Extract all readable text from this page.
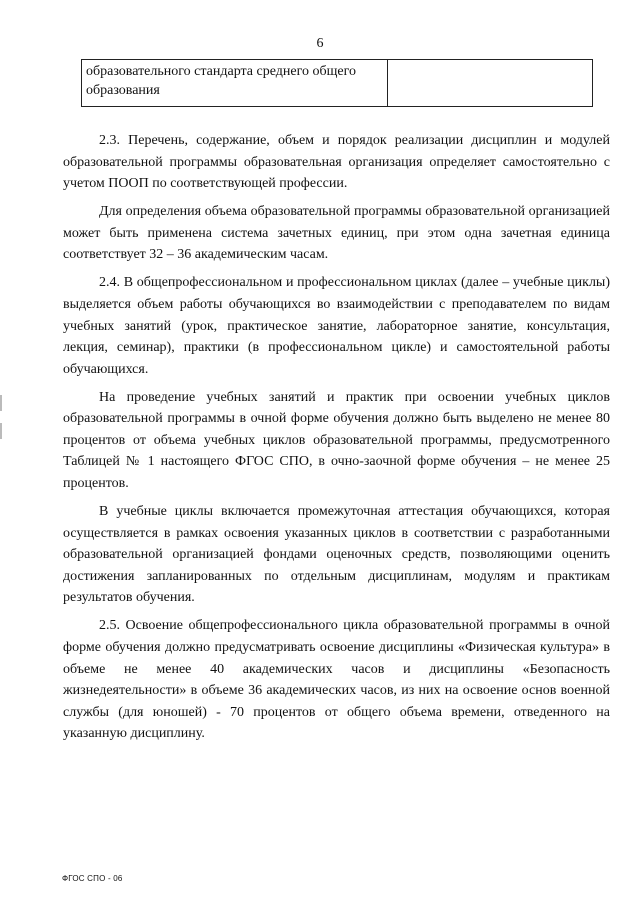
6
образовательного стандарта среднего общего образования	

2.3. Перечень, содержание, объем и порядок реализации дисциплин и модулей образовательной программы образовательная организация определяет самостоятельно с учетом ПООП по соответствующей профессии.

Для определения объема образовательной программы образовательной организацией может быть применена система зачетных единиц, при этом одна зачетная единица соответствует 32 – 36 академическим часам.

2.4. В общепрофессиональном и профессиональном циклах (далее – учебные циклы) выделяется объем работы обучающихся во взаимодействии с преподавателем по видам учебных занятий (урок, практическое занятие, лабораторное занятие, консультация, лекция, семинар), практики (в профессиональном цикле) и самостоятельной работы обучающихся.

На проведение учебных занятий и практик при освоении учебных циклов образовательной программы в очной форме обучения должно быть выделено не менее 80 процентов от объема учебных циклов образовательной программы, предусмотренного Таблицей № 1 настоящего ФГОС СПО, в очно-заочной форме обучения – не менее 25 процентов.

В учебные циклы включается промежуточная аттестация обучающихся, которая осуществляется в рамках освоения указанных циклов в соответствии с разработанными образовательной организацией фондами оценочных средств, позволяющими оценить достижения запланированных по отдельным дисциплинам, модулям и практикам результатов обучения.

2.5. Освоение общепрофессионального цикла образовательной программы в очной форме обучения должно предусматривать освоение дисциплины «Физическая культура» в объеме не менее 40 академических часов и дисциплины «Безопасность жизнедеятельности» в объеме 36 академических часов, из них на освоение основ военной службы (для юношей) - 70 процентов от общего объема времени, отведенного на указанную дисциплину.

ФГОС СПО - 06
